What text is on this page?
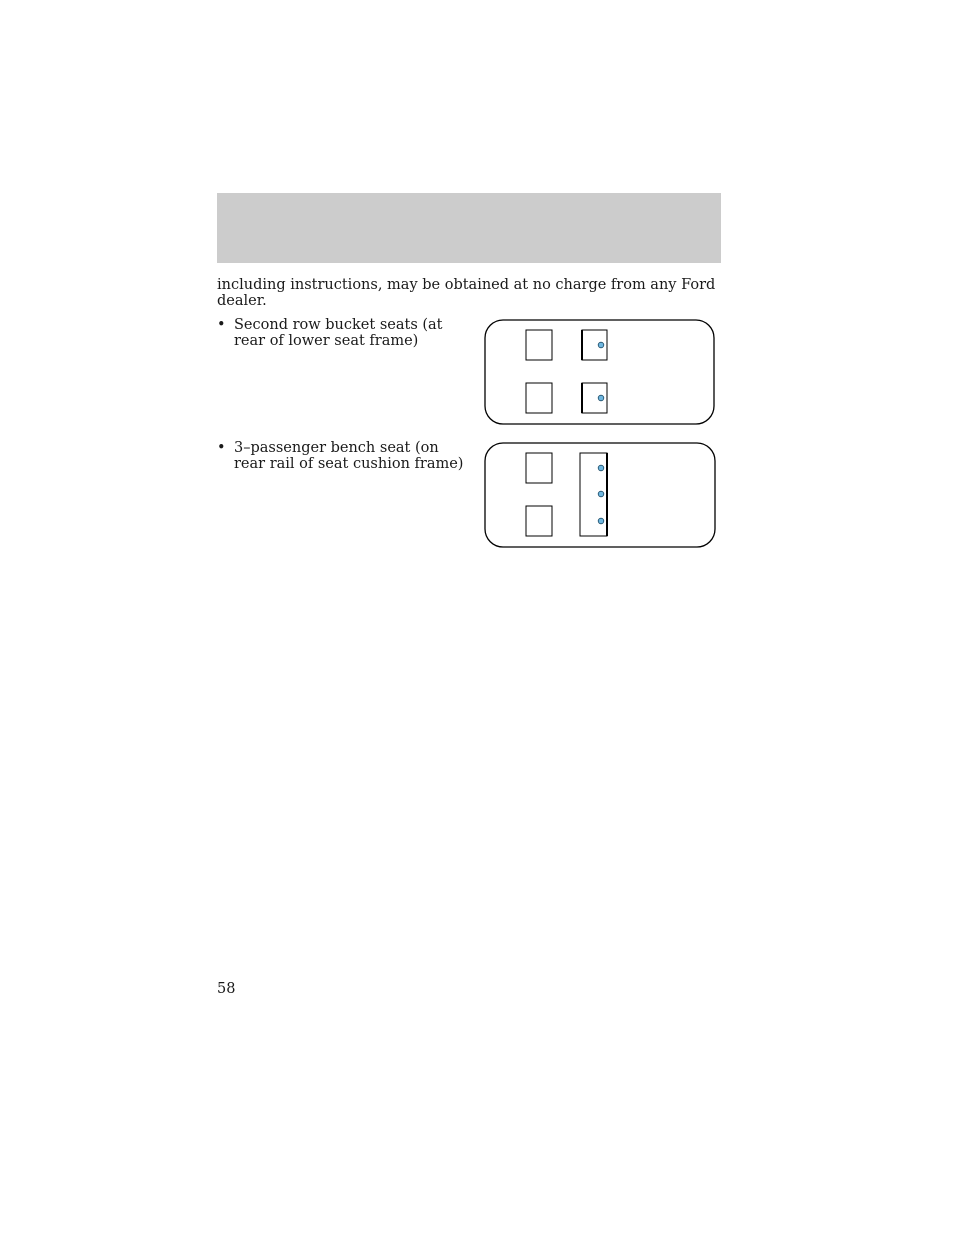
including instructions, may be obtained at no charge from any Ford dealer.

• Second row bucket seats (at rear of lower seat frame)
• 3–passenger bench seat (on rear rail of seat cushion frame)
58
